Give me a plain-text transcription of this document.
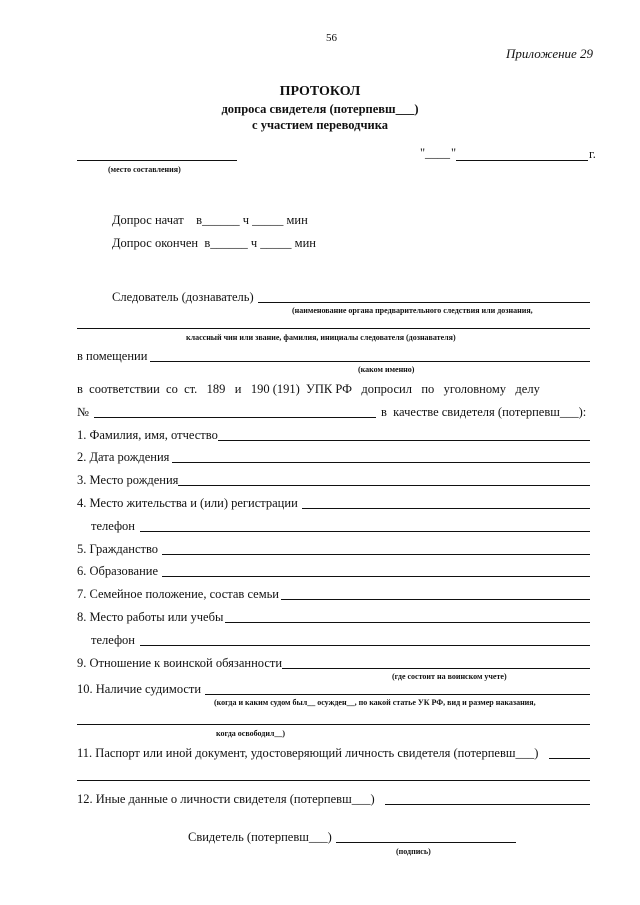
56
Приложение 29
ПРОТОКОЛ
допроса свидетеля (потерпевш___)
с участием переводчика
(место составления)
" ____ "	г.
Допрос начат    в______ ч _____ мин
Допрос окончен  в______ ч _____ мин
Следователь (дознаватель)
(наименование органа предварительного следствия или дознания,
классный чин или звание, фамилия, инициалы следователя (дознавателя)
в помещении
(каком именно)
в  соответствии  со  ст.   189   и   190 (191)  УПК РФ   допросил   по   уголовному   делу
№	в  качестве свидетеля (потерпевш___):
1. Фамилия, имя, отчество
2. Дата рождения
3. Место рождения
4. Место жительства и (или) регистрации
телефон
5. Гражданство
6. Образование
7. Семейное положение, состав семьи
8. Место работы или учебы
телефон
9. Отношение к воинской обязанности
(где состоит на воинском учете)
10. Наличие судимости
(когда и каким судом был__ осужден__, по какой статье УК РФ, вид и размер наказания,
когда освободил__)
11. Паспорт или иной документ, удостоверяющий личность свидетеля (потерпевш___)
12. Иные данные о личности свидетеля (потерпевш___)
Свидетель (потерпевш___)
(подпись)
